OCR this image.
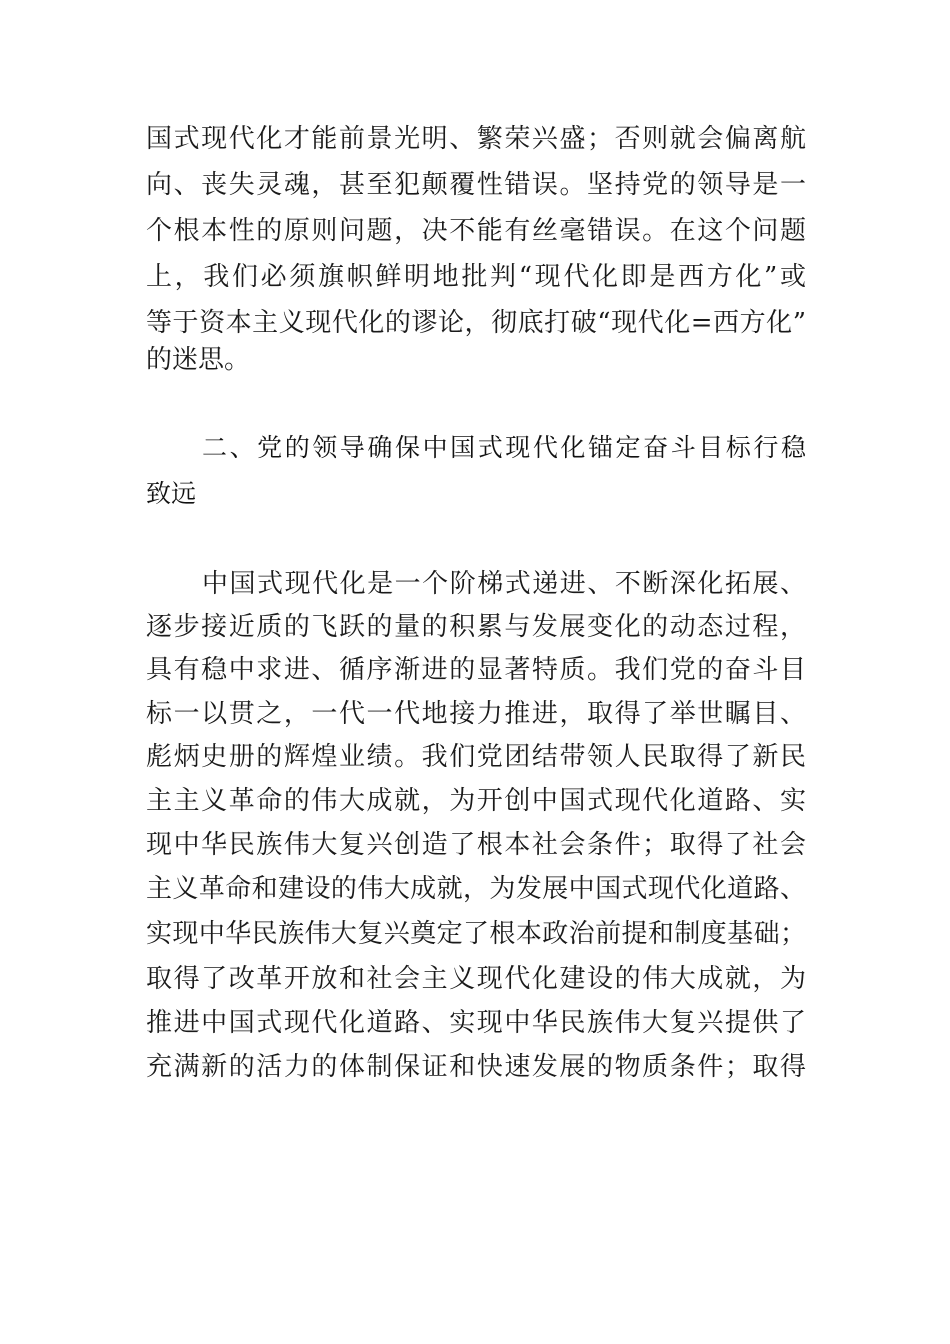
国式现代化才能前景光明、繁荣兴盛；否则就会偏离航
向、丧失灵魂，甚至犯颠覆性错误。坚持党的领导是一
个根本性的原则问题，决不能有丝毫错误。在这个问题
上，我们必须旗帜鲜明地批判“现代化即是西方化”或
等于资本主义现代化的谬论，彻底打破“现代化=西方化”
的迷思。
二、党的领导确保中国式现代化锚定奋斗目标行稳
致远
中国式现代化是一个阶梯式递进、不断深化拓展、
逐步接近质的飞跃的量的积累与发展变化的动态过程，
具有稳中求进、循序渐进的显著特质。我们党的奋斗目
标一以贯之，一代一代地接力推进，取得了举世瞩目、
彪炳史册的辉煌业绩。我们党团结带领人民取得了新民
主主义革命的伟大成就，为开创中国式现代化道路、实
现中华民族伟大复兴创造了根本社会条件；取得了社会
主义革命和建设的伟大成就，为发展中国式现代化道路、
实现中华民族伟大复兴奠定了根本政治前提和制度基础；
取得了改革开放和社会主义现代化建设的伟大成就，为
推进中国式现代化道路、实现中华民族伟大复兴提供了
充满新的活力的体制保证和快速发展的物质条件；取得
